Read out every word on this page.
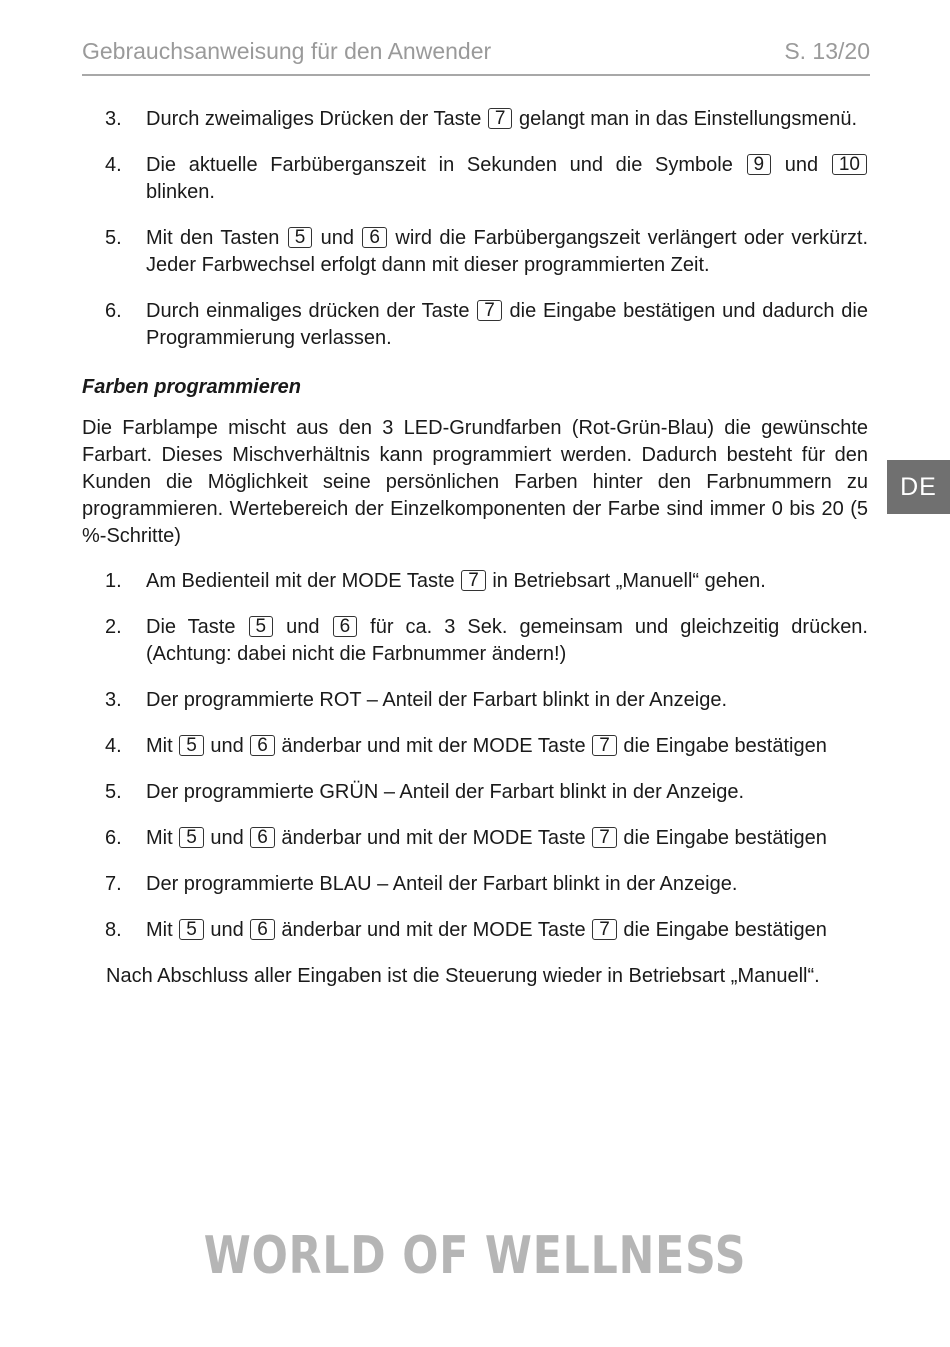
Gebrauchsanweisung für den Anwender	S. 13/20
DE
3.	Durch zweimaliges Drücken der Taste 7 gelangt man in das Einstellungsmenü.
4.	Die aktuelle Farbüberganszeit in Sekunden und die Symbole 9 und 10 blinken.
5.	Mit den Tasten 5 und 6 wird die Farbübergangszeit verlängert oder verkürzt. Jeder Farbwechsel erfolgt dann mit dieser programmierten Zeit.
6.	Durch einmaliges drücken der Taste 7 die Eingabe bestätigen und dadurch die Programmierung verlassen.
Farben programmieren
Die Farblampe mischt aus den 3 LED-Grundfarben (Rot-Grün-Blau) die gewünschte Farbart. Dieses Mischverhältnis kann programmiert werden. Dadurch besteht für den Kunden die Möglichkeit seine persönlichen Farben hinter den Farbnummern zu programmieren. Wertebereich der Einzelkomponenten der Farbe sind immer 0 bis 20 (5 %-Schritte)
1.	Am Bedienteil mit der MODE Taste 7 in Betriebsart „Manuell“ gehen.
2.	Die Taste 5 und 6 für ca. 3 Sek. gemeinsam und gleichzeitig drücken. (Achtung: dabei nicht die Farbnummer ändern!)
3.	Der programmierte ROT – Anteil der Farbart blinkt in der Anzeige.
4.	Mit 5 und 6 änderbar und mit der MODE Taste 7 die Eingabe bestätigen
5.	Der programmierte GRÜN – Anteil der Farbart blinkt in der Anzeige.
6.	Mit 5 und 6 änderbar und mit der MODE Taste 7 die Eingabe bestätigen
7.	Der programmierte BLAU – Anteil der Farbart blinkt in der Anzeige.
8.	Mit 5 und 6 änderbar und mit der MODE Taste 7 die Eingabe bestätigen
Nach Abschluss aller Eingaben ist die Steuerung wieder in Betriebsart „Manuell“.
WORLD OF WELLNESS
